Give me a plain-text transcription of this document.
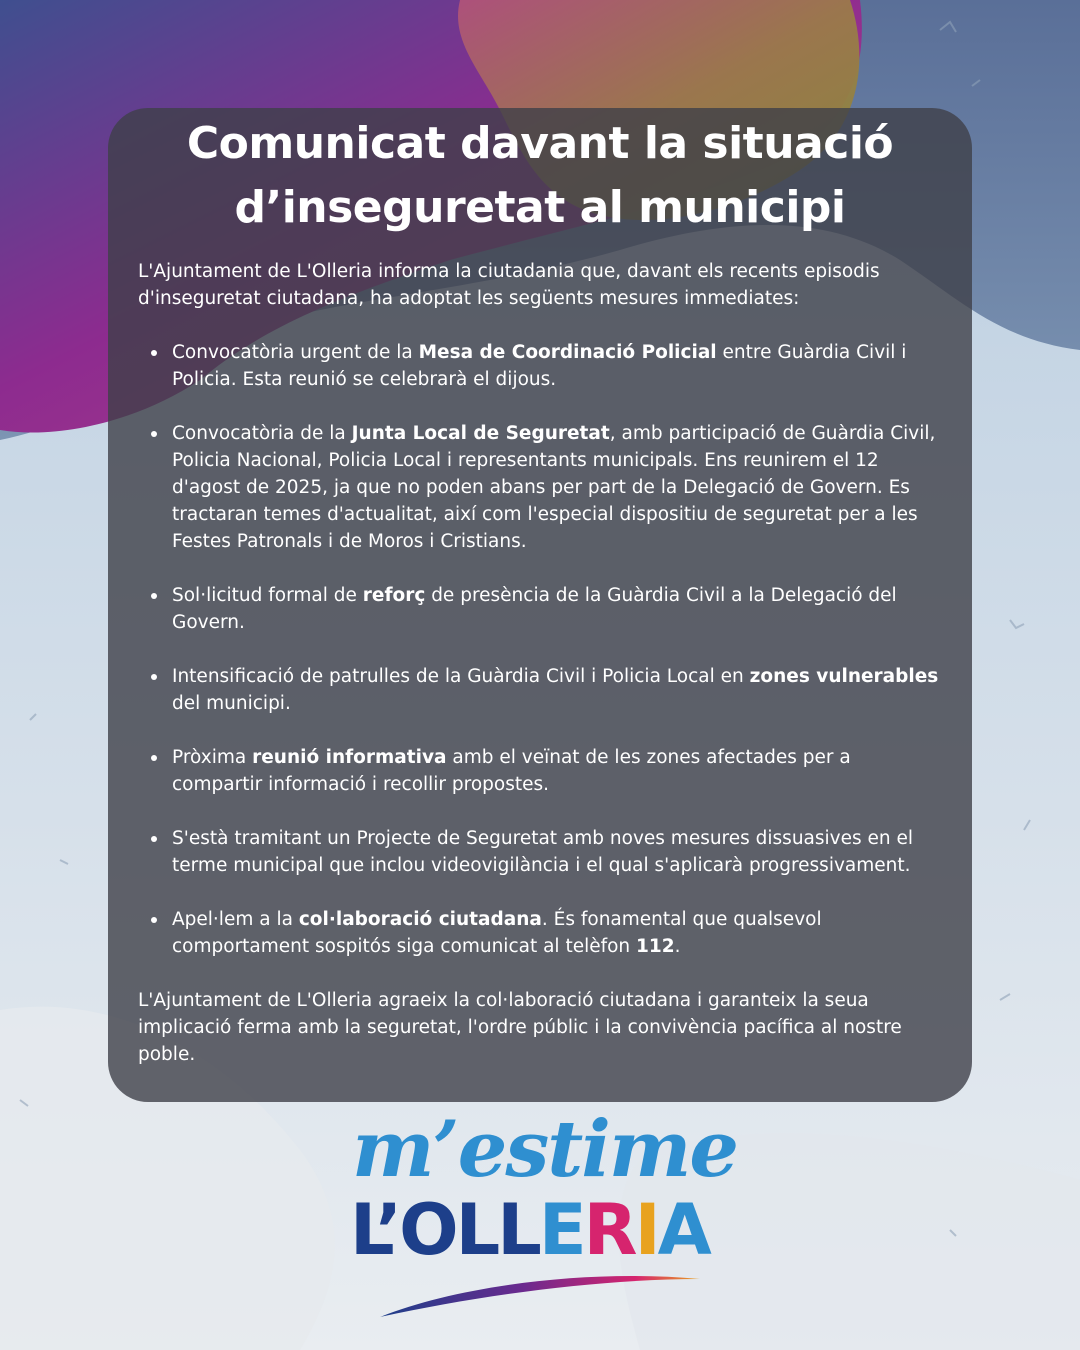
Comunicat davant la situació d’inseguretat al municipi

L'Ajuntament de L'Olleria informa la ciutadania que, davant els recents episodis d'inseguretat ciutadana, ha adoptat les següents mesures immediates:

Convocatòria urgent de la Mesa de Coordinació Policial entre Guàrdia Civil i Policia. Esta reunió se celebrarà el dijous.
Convocatòria de la Junta Local de Seguretat, amb participació de Guàrdia Civil, Policia Nacional, Policia Local i representants municipals. Ens reunirem el 12 d'agost de 2025, ja que no poden abans per part de la Delegació de Govern. Es tractaran temes d'actualitat, així com l'especial dispositiu de seguretat per a les Festes Patronals i de Moros i Cristians.
Sol·licitud formal de reforç de presència de la Guàrdia Civil a la Delegació del Govern.
Intensificació de patrulles de la Guàrdia Civil i Policia Local en zones vulnerables del municipi.
Pròxima reunió informativa amb el veïnat de les zones afectades per a compartir informació i recollir propostes.
S'està tramitant un Projecte de Seguretat amb noves mesures dissuasives en el terme municipal que inclou videovigilància i el qual s'aplicarà progressivament.
Apel·lem a la col·laboració ciutadana. És fonamental que qualsevol comportament sospitós siga comunicat al telèfon 112.

L'Ajuntament de L'Olleria agraeix la col·laboració ciutadana i garanteix la seua implicació ferma amb la seguretat, l'ordre públic i la convivència pacífica al nostre poble.

m’estime
L’OLLERIA
